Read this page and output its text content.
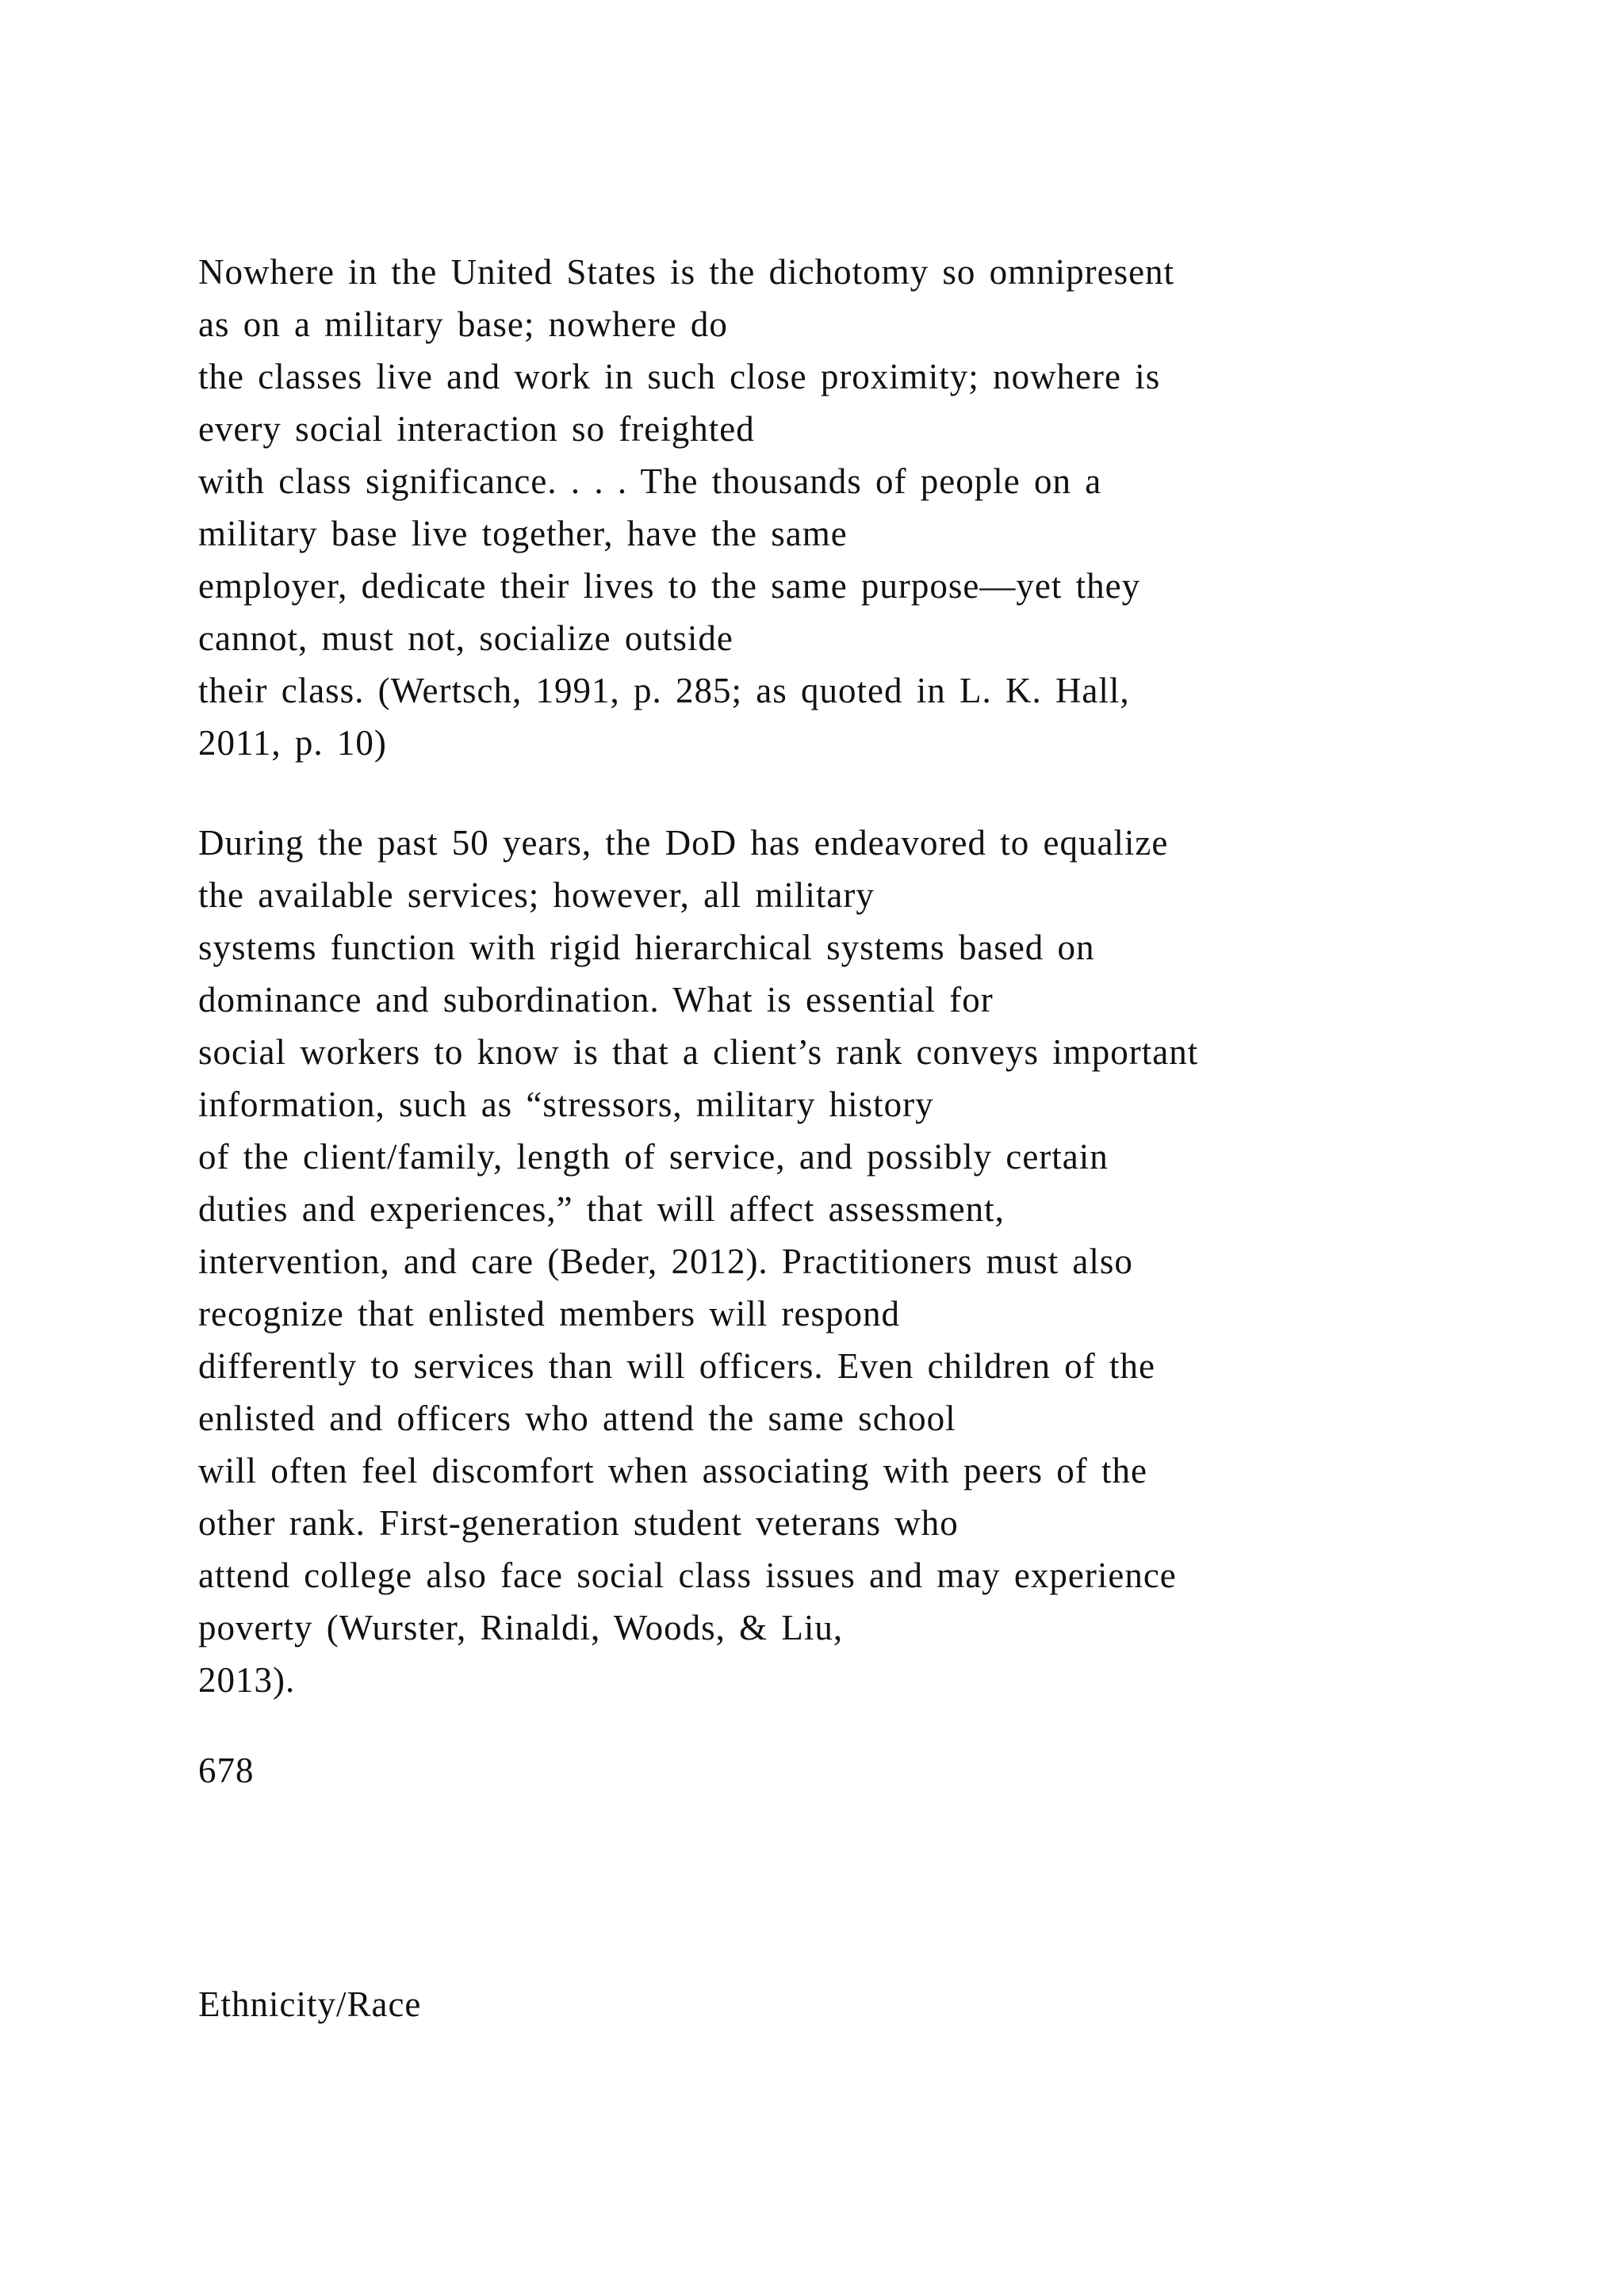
Nowhere in the United States is the dichotomy so omnipresent
as on a military base; nowhere do
the classes live and work in such close proximity; nowhere is
every social interaction so freighted
with class significance. . . . The thousands of people on a
military base live together, have the same
employer, dedicate their lives to the same purpose—yet they
cannot, must not, socialize outside
their class. (Wertsch, 1991, p. 285; as quoted in L. K. Hall,
2011, p. 10)
During the past 50 years, the DoD has endeavored to equalize
the available services; however, all military
systems function with rigid hierarchical systems based on
dominance and subordination. What is essential for
social workers to know is that a client’s rank conveys important
information, such as “stressors, military history
of the client/family, length of service, and possibly certain
duties and experiences,” that will affect assessment,
intervention, and care (Beder, 2012). Practitioners must also
recognize that enlisted members will respond
differently to services than will officers. Even children of the
enlisted and officers who attend the same school
will often feel discomfort when associating with peers of the
other rank. First-generation student veterans who
attend college also face social class issues and may experience
poverty (Wurster, Rinaldi, Woods, & Liu,
2013).
678
Ethnicity/Race
